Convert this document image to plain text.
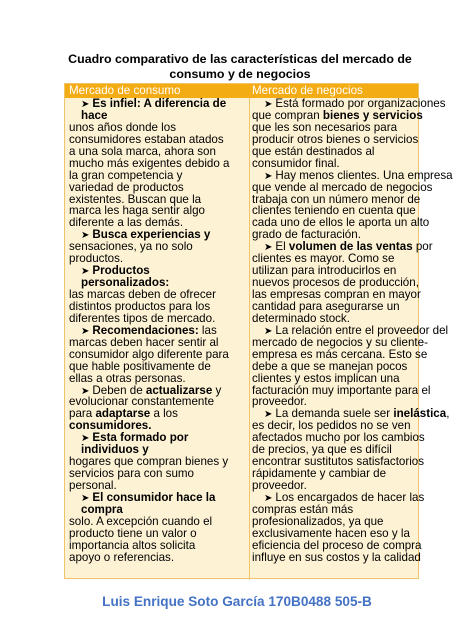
Cuadro comparativo de las características del mercado de
consumo y de negocios
Mercado de consumo	Mercado de negocios
➤ Es infiel: A diferencia de
hace
unos años donde los
consumidores estaban atados
a una sola marca, ahora son
mucho más exigentes debido a
la gran competencia y
variedad de productos
existentes. Buscan que la
marca les haga sentir algo
diferente a las demás.
➤ Busca experiencias y
sensaciones, ya no solo
productos.
➤ Productos
personalizados:
las marcas deben de ofrecer
distintos productos para los
diferentes tipos de mercado.
➤ Recomendaciones: las
marcas deben hacer sentir al
consumidor algo diferente para
que hable positivamente de
ellas a otras personas.
➤ Deben de actualizarse y
evolucionar constantemente
para adaptarse a los
consumidores.
➤ Esta formado por
individuos y
hogares que compran bienes y
servicios para con sumo
personal.
➤ El consumidor hace la
compra
solo. A excepción cuando el
producto tiene un valor o
importancia altos solicita
apoyo o referencias.
➤ Está formado por organizaciones
que compran bienes y servicios
que les son necesarios para
producir otros bienes o servicios
que están destinados al
consumidor final.
➤ Hay menos clientes. Una empresa
que vende al mercado de negocios
trabaja con un número menor de
clientes teniendo en cuenta que
cada uno de ellos le aporta un alto
grado de facturación.
➤ El volumen de las ventas por
clientes es mayor. Como se
utilizan para introducirlos en
nuevos procesos de producción,
las empresas compran en mayor
cantidad para asegurarse un
determinado stock.
➤ La relación entre el proveedor del
mercado de negocios y su cliente-
empresa es más cercana. Esto se
debe a que se manejan pocos
clientes y estos implican una
facturación muy importante para el
proveedor.
➤ La demanda suele ser inelástica,
es decir, los pedidos no se ven
afectados mucho por los cambios
de precios, ya que es difícil
encontrar sustitutos satisfactorios
rápidamente y cambiar de
proveedor.
➤ Los encargados de hacer las
compras están más
profesionalizados, ya que
exclusivamente hacen eso y la
eficiencia del proceso de compra
influye en sus costos y la calidad
Luis Enrique Soto García 170B0488 505-B
